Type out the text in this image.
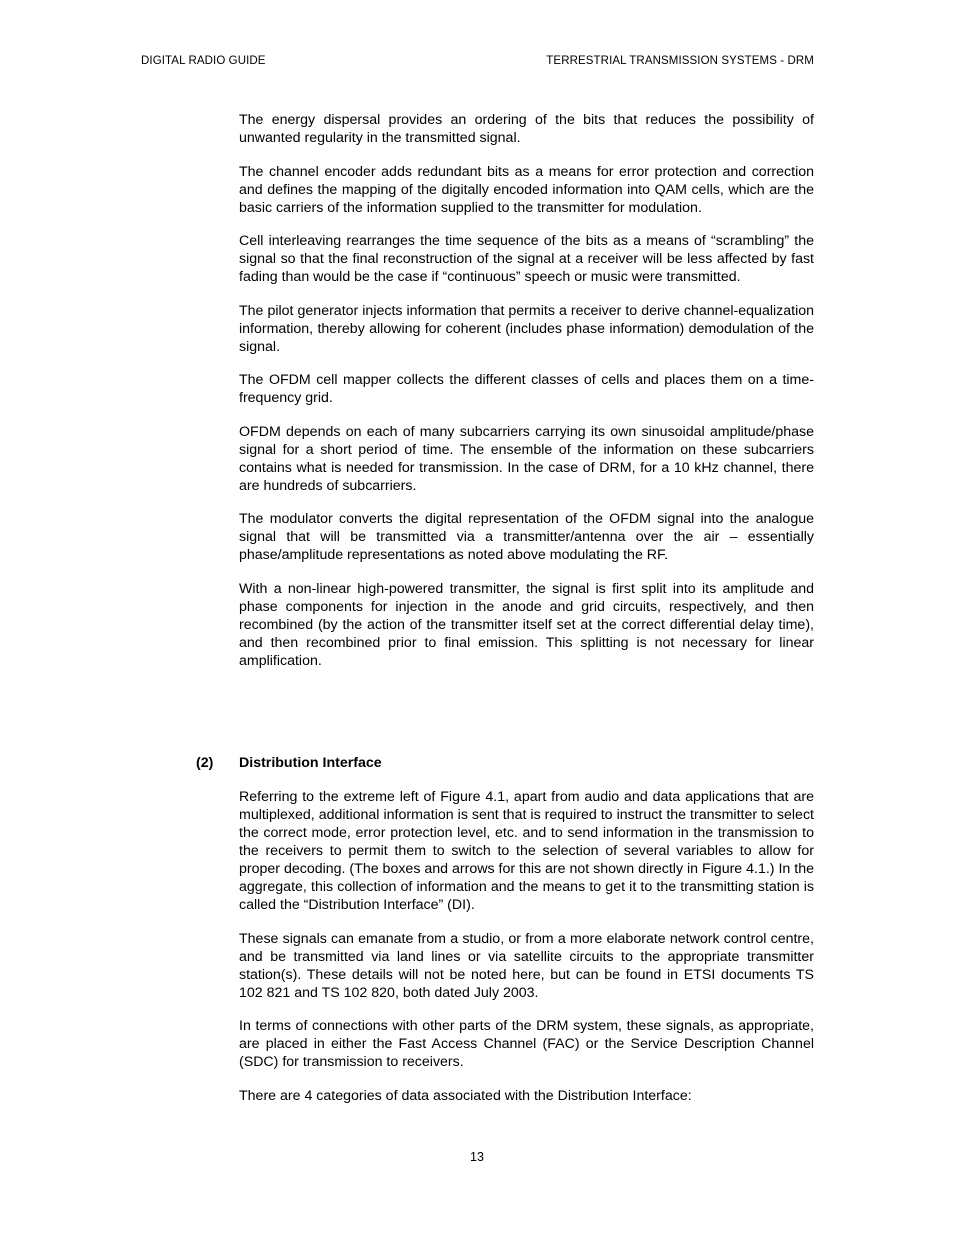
DIGITAL RADIO GUIDE	TERRESTRIAL TRANSMISSION SYSTEMS - DRM

The energy dispersal provides an ordering of the bits that reduces the possibility of unwanted regularity in the transmitted signal.

The channel encoder adds redundant bits as a means for error protection and correction and defines the mapping of the digitally encoded information into QAM cells, which are the basic carriers of the information supplied to the transmitter for modulation.

Cell interleaving rearranges the time sequence of the bits as a means of “scrambling” the signal so that the final reconstruction of the signal at a receiver will be less affected by fast fading than would be the case if “continuous” speech or music were transmitted.

The pilot generator injects information that permits a receiver to derive channel-equalization information, thereby allowing for coherent (includes phase information) demodulation of the signal.

The OFDM cell mapper collects the different classes of cells and places them on a time-frequency grid.

OFDM depends on each of many subcarriers carrying its own sinusoidal amplitude/phase signal for a short period of time. The ensemble of the information on these subcarriers contains what is needed for transmission. In the case of DRM, for a 10 kHz channel, there are hundreds of subcarriers.

The modulator converts the digital representation of the OFDM signal into the analogue signal that will be transmitted via a transmitter/antenna over the air – essentially phase/amplitude representations as noted above modulating the RF.

With a non-linear high-powered transmitter, the signal is first split into its amplitude and phase components for injection in the anode and grid circuits, respectively, and then recombined (by the action of the transmitter itself set at the correct differential delay time), and then recombined prior to final emission. This splitting is not necessary for linear amplification.

(2) Distribution Interface

Referring to the extreme left of Figure 4.1, apart from audio and data applications that are multiplexed, additional information is sent that is required to instruct the transmitter to select the correct mode, error protection level, etc. and to send information in the transmission to the receivers to permit them to switch to the selection of several variables to allow for proper decoding. (The boxes and arrows for this are not shown directly in Figure 4.1.) In the aggregate, this collection of information and the means to get it to the transmitting station is called the “Distribution Interface” (DI).

These signals can emanate from a studio, or from a more elaborate network control centre, and be transmitted via land lines or via satellite circuits to the appropriate transmitter station(s). These details will not be noted here, but can be found in ETSI documents TS 102 821 and TS 102 820, both dated July 2003.

In terms of connections with other parts of the DRM system, these signals, as appropriate, are placed in either the Fast Access Channel (FAC) or the Service Description Channel (SDC) for transmission to receivers.

There are 4 categories of data associated with the Distribution Interface:

13
